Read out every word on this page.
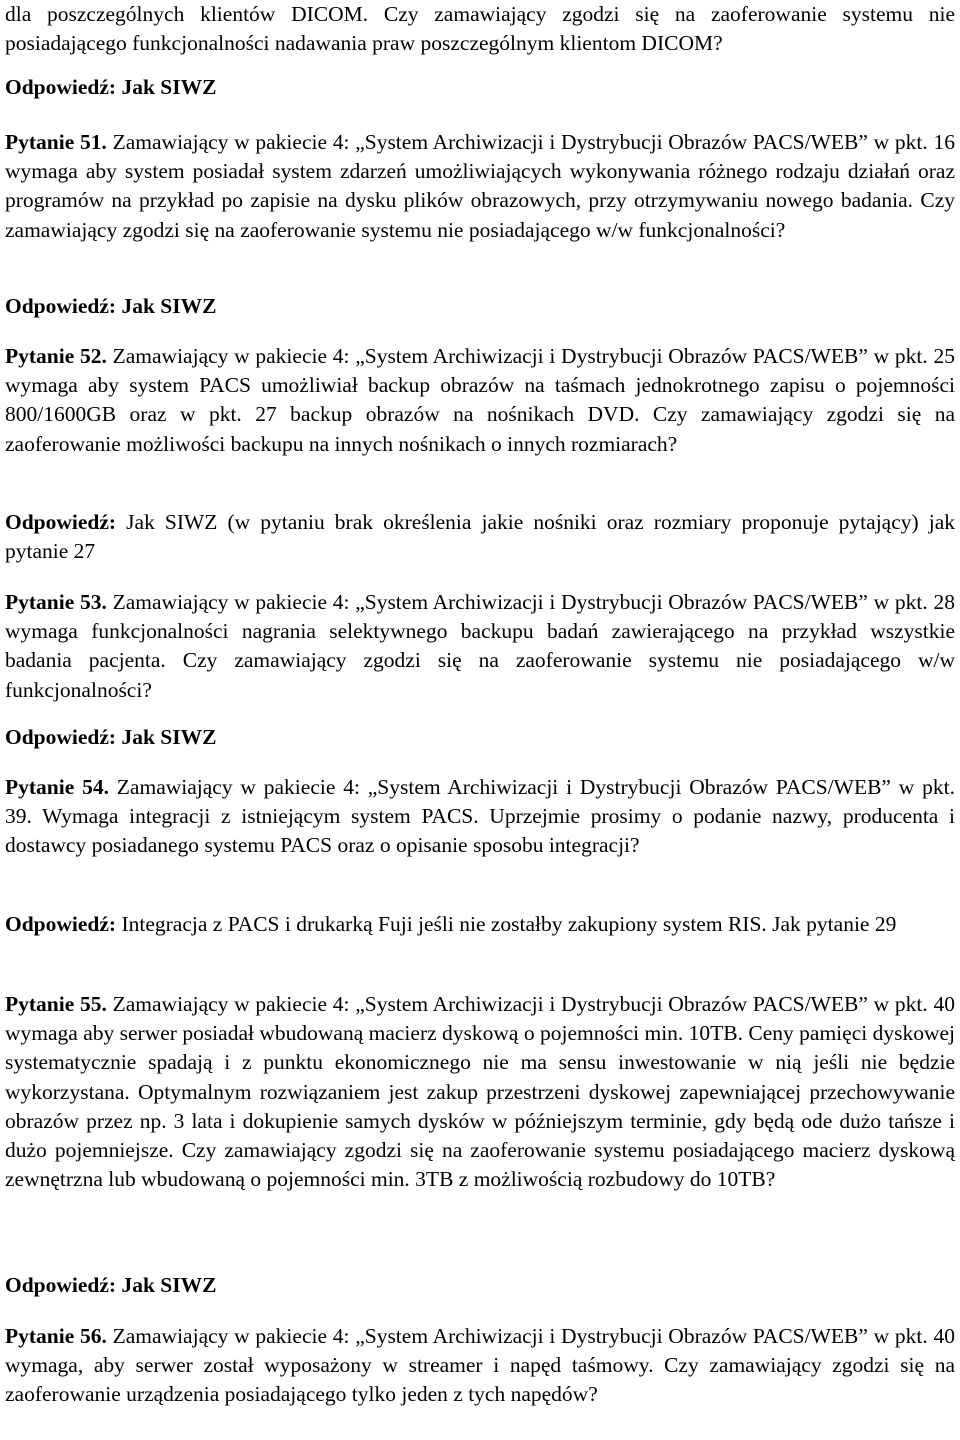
dla poszczególnych klientów DICOM. Czy zamawiający zgodzi się na zaoferowanie systemu nie posiadającego funkcjonalności nadawania praw poszczególnym klientom DICOM?

Odpowiedź: Jak SIWZ

Pytanie 51. Zamawiający w pakiecie 4: „System Archiwizacji i Dystrybucji Obrazów PACS/WEB” w pkt. 16 wymaga aby system posiadał system zdarzeń umożliwiających wykonywania różnego rodzaju działań oraz programów na przykład po zapisie na dysku plików obrazowych, przy otrzymywaniu nowego badania. Czy zamawiający zgodzi się na zaoferowanie systemu nie posiadającego w/w funkcjonalności?

Odpowiedź: Jak SIWZ

Pytanie 52. Zamawiający w pakiecie 4: „System Archiwizacji i Dystrybucji Obrazów PACS/WEB” w pkt. 25 wymaga aby system PACS umożliwiał backup obrazów na taśmach jednokrotnego zapisu o pojemności 800/1600GB oraz w pkt. 27 backup obrazów na nośnikach DVD. Czy zamawiający zgodzi się na zaoferowanie możliwości backupu na innych nośnikach o innych rozmiarach?

Odpowiedź: Jak SIWZ (w pytaniu brak określenia jakie nośniki oraz rozmiary proponuje pytający) jak pytanie 27

Pytanie 53. Zamawiający w pakiecie 4: „System Archiwizacji i Dystrybucji Obrazów PACS/WEB” w pkt. 28 wymaga funkcjonalności nagrania selektywnego backupu badań zawierającego na przykład wszystkie badania pacjenta. Czy zamawiający zgodzi się na zaoferowanie systemu nie posiadającego w/w funkcjonalności?

Odpowiedź: Jak SIWZ

Pytanie 54. Zamawiający w pakiecie 4: „System Archiwizacji i Dystrybucji Obrazów PACS/WEB” w pkt. 39. Wymaga integracji z istniejącym system PACS. Uprzejmie prosimy o podanie nazwy, producenta i dostawcy posiadanego systemu PACS oraz o opisanie sposobu integracji?

Odpowiedź: Integracja z PACS i drukarką Fuji jeśli nie zostałby zakupiony system RIS. Jak pytanie 29

Pytanie 55. Zamawiający w pakiecie 4: „System Archiwizacji i Dystrybucji Obrazów PACS/WEB” w pkt. 40 wymaga aby serwer posiadał wbudowaną macierz dyskową o pojemności min. 10TB. Ceny pamięci dyskowej systematycznie spadają i z punktu ekonomicznego nie ma sensu inwestowanie w nią jeśli nie będzie wykorzystana. Optymalnym rozwiązaniem jest zakup przestrzeni dyskowej zapewniającej przechowywanie obrazów przez np. 3 lata i dokupienie samych dysków w późniejszym terminie, gdy będą ode dużo tańsze i dużo pojemniejsze. Czy zamawiający zgodzi się na zaoferowanie systemu posiadającego macierz dyskową zewnętrzna lub wbudowaną o pojemności min. 3TB z możliwością rozbudowy do 10TB?

Odpowiedź: Jak SIWZ

Pytanie 56. Zamawiający w pakiecie 4: „System Archiwizacji i Dystrybucji Obrazów PACS/WEB” w pkt. 40 wymaga, aby serwer został wyposażony w streamer i napęd taśmowy. Czy zamawiający zgodzi się na zaoferowanie urządzenia posiadającego tylko jeden z tych napędów?
